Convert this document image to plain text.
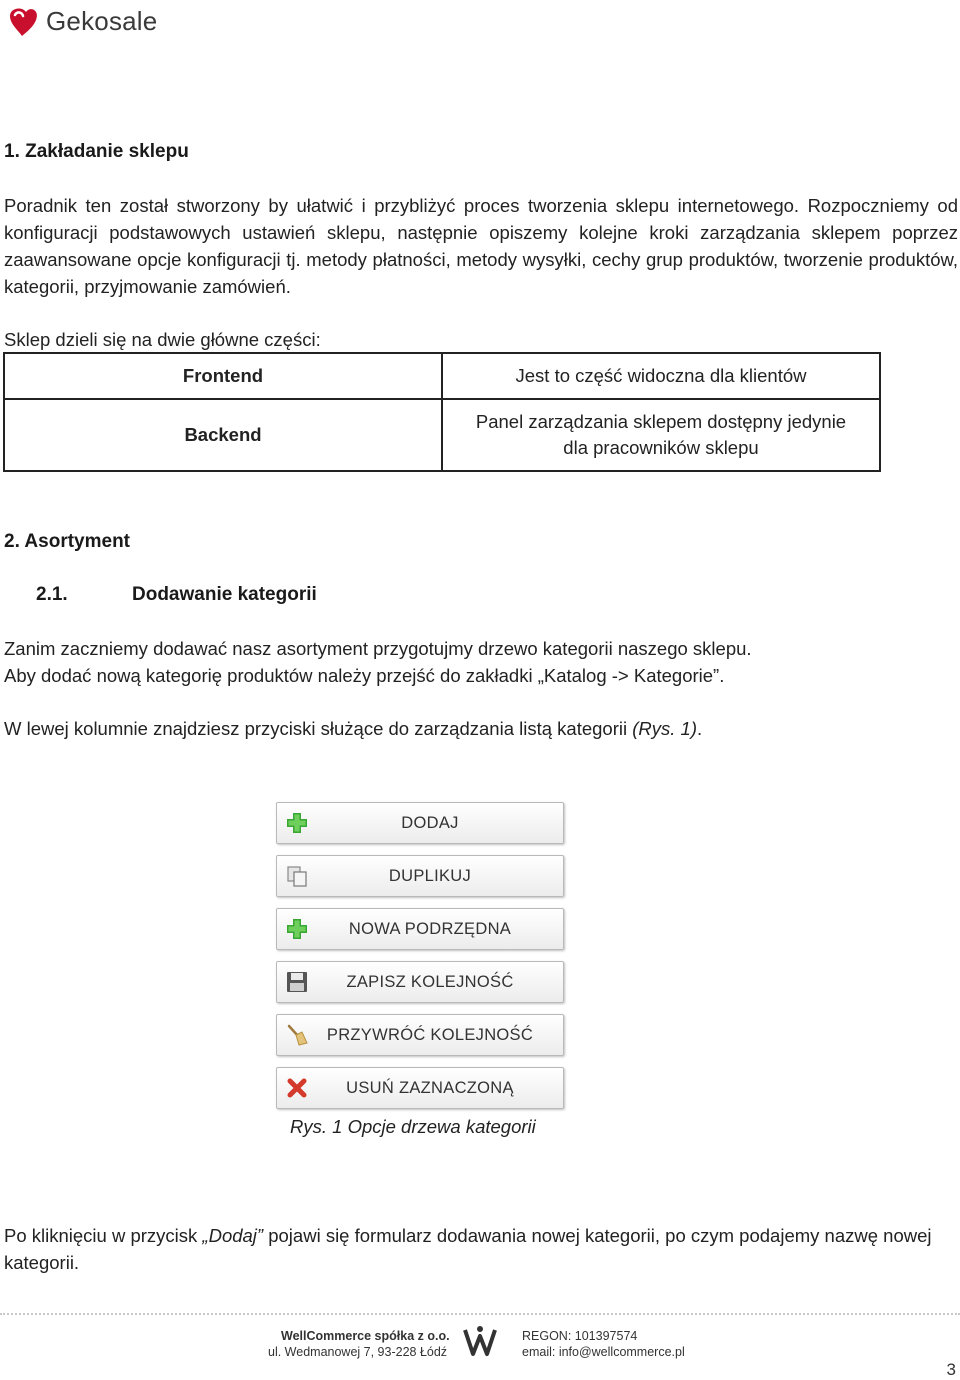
Gekosale
1. Zakładanie sklepu
Poradnik ten został stworzony by ułatwić i przybliżyć proces tworzenia sklepu internetowego. Rozpoczniemy od konfiguracji podstawowych ustawień sklepu, następnie opiszemy kolejne kroki zarządzania sklepem poprzez zaawansowane opcje konfiguracji tj. metody płatności, metody wysyłki, cechy grup produktów, tworzenie produktów, kategorii, przyjmowanie zamówień.
Sklep dzieli się na dwie główne części:
Frontend	Jest to część widoczna dla klientów
Backend	Panel zarządzania sklepem dostępny jedynie dla pracowników sklepu
2. Asortyment
2.1.	Dodawanie kategorii
Zanim zaczniemy dodawać nasz asortyment przygotujmy drzewo kategorii naszego sklepu.
Aby dodać nową kategorię produktów należy przejść do zakładki „Katalog -> Kategorie”.
W lewej kolumnie znajdziesz przyciski służące do zarządzania listą kategorii (Rys. 1).
DODAJ
DUPLIKUJ
NOWA PODRZĘDNA
ZAPISZ KOLEJNOŚĆ
PRZYWRÓĆ KOLEJNOŚĆ
USUŃ ZAZNACZONĄ
Rys. 1 Opcje drzewa kategorii
Po kliknięciu w przycisk „Dodaj” pojawi się formularz dodawania nowej kategorii, po czym podajemy nazwę nowej kategorii.
WellCommerce spółka z o.o.
ul. Wedmanowej 7, 93-228 Łódź
REGON: 101397574
email: info@wellcommerce.pl
3
